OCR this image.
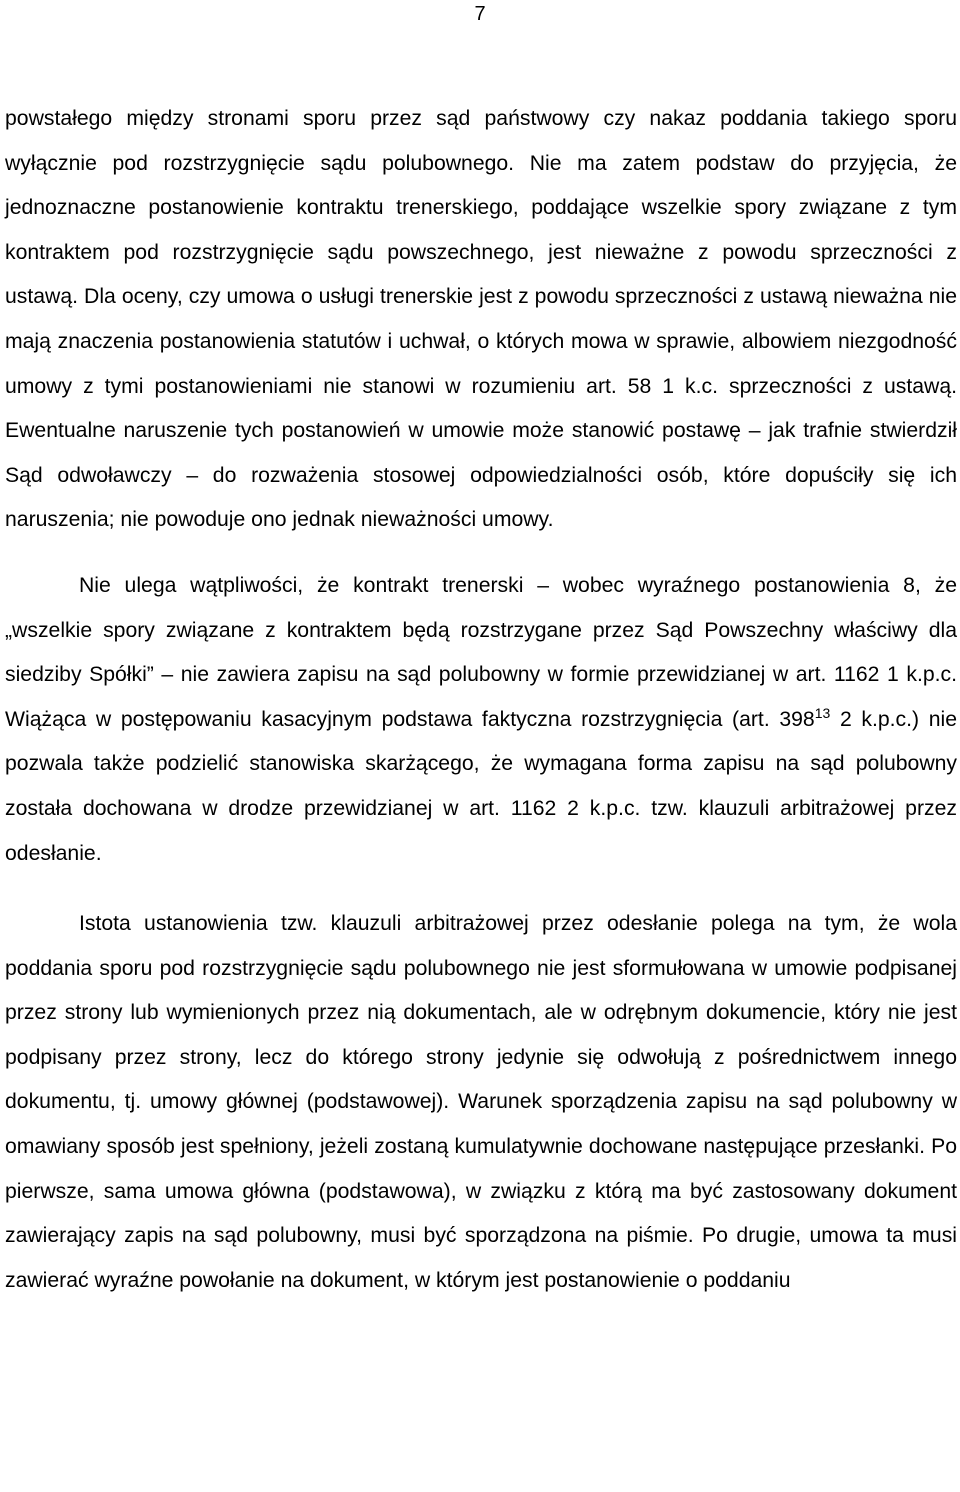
7

powstałego między stronami sporu przez sąd państwowy czy nakaz poddania takiego sporu wyłącznie pod rozstrzygnięcie sądu polubownego. Nie ma zatem podstaw do przyjęcia, że jednoznaczne postanowienie kontraktu trenerskiego, poddające wszelkie spory związane z tym kontraktem pod rozstrzygnięcie sądu powszechnego, jest nieważne z powodu sprzeczności z ustawą. Dla oceny, czy umowa o usługi trenerskie jest z powodu sprzeczności z ustawą nieważna nie mają znaczenia postanowienia statutów i uchwał, o których mowa w sprawie, albowiem niezgodność umowy z tymi postanowieniami nie stanowi w rozumieniu art. 58 1 k.c. sprzeczności z ustawą. Ewentualne naruszenie tych postanowień w umowie może stanowić postawę – jak trafnie stwierdził Sąd odwoławczy – do rozważenia stosowej odpowiedzialności osób, które dopuściły się ich naruszenia; nie powoduje ono jednak nieważności umowy.

Nie ulega wątpliwości, że kontrakt trenerski – wobec wyraźnego postanowienia 8, że „wszelkie spory związane z kontraktem będą rozstrzygane przez Sąd Powszechny właściwy dla siedziby Spółki” – nie zawiera zapisu na sąd polubowny w formie przewidzianej w art. 1162 1 k.p.c. Wiążąca w postępowaniu kasacyjnym podstawa faktyczna rozstrzygnięcia (art. $398^{13}$ 2 k.p.c.) nie pozwala także podzielić stanowiska skarżącego, że wymagana forma zapisu na sąd polubowny została dochowana w drodze przewidzianej w art. 1162 2 k.p.c. tzw. klauzuli arbitrażowej przez odesłanie.

Istota ustanowienia tzw. klauzuli arbitrażowej przez odesłanie polega na tym, że wola poddania sporu pod rozstrzygnięcie sądu polubownego nie jest sformułowana w umowie podpisanej przez strony lub wymienionych przez nią dokumentach, ale w odrębnym dokumencie, który nie jest podpisany przez strony, lecz do którego strony jedynie się odwołują z pośrednictwem innego dokumentu, tj. umowy głównej (podstawowej). Warunek sporządzenia zapisu na sąd polubowny w omawiany sposób jest spełniony, jeżeli zostaną kumulatywnie dochowane następujące przesłanki. Po pierwsze, sama umowa główna (podstawowa), w związku z którą ma być zastosowany dokument zawierający zapis na sąd polubowny, musi być sporządzona na piśmie. Po drugie, umowa ta musi zawierać wyraźne powołanie na dokument, w którym jest postanowienie o poddaniu
